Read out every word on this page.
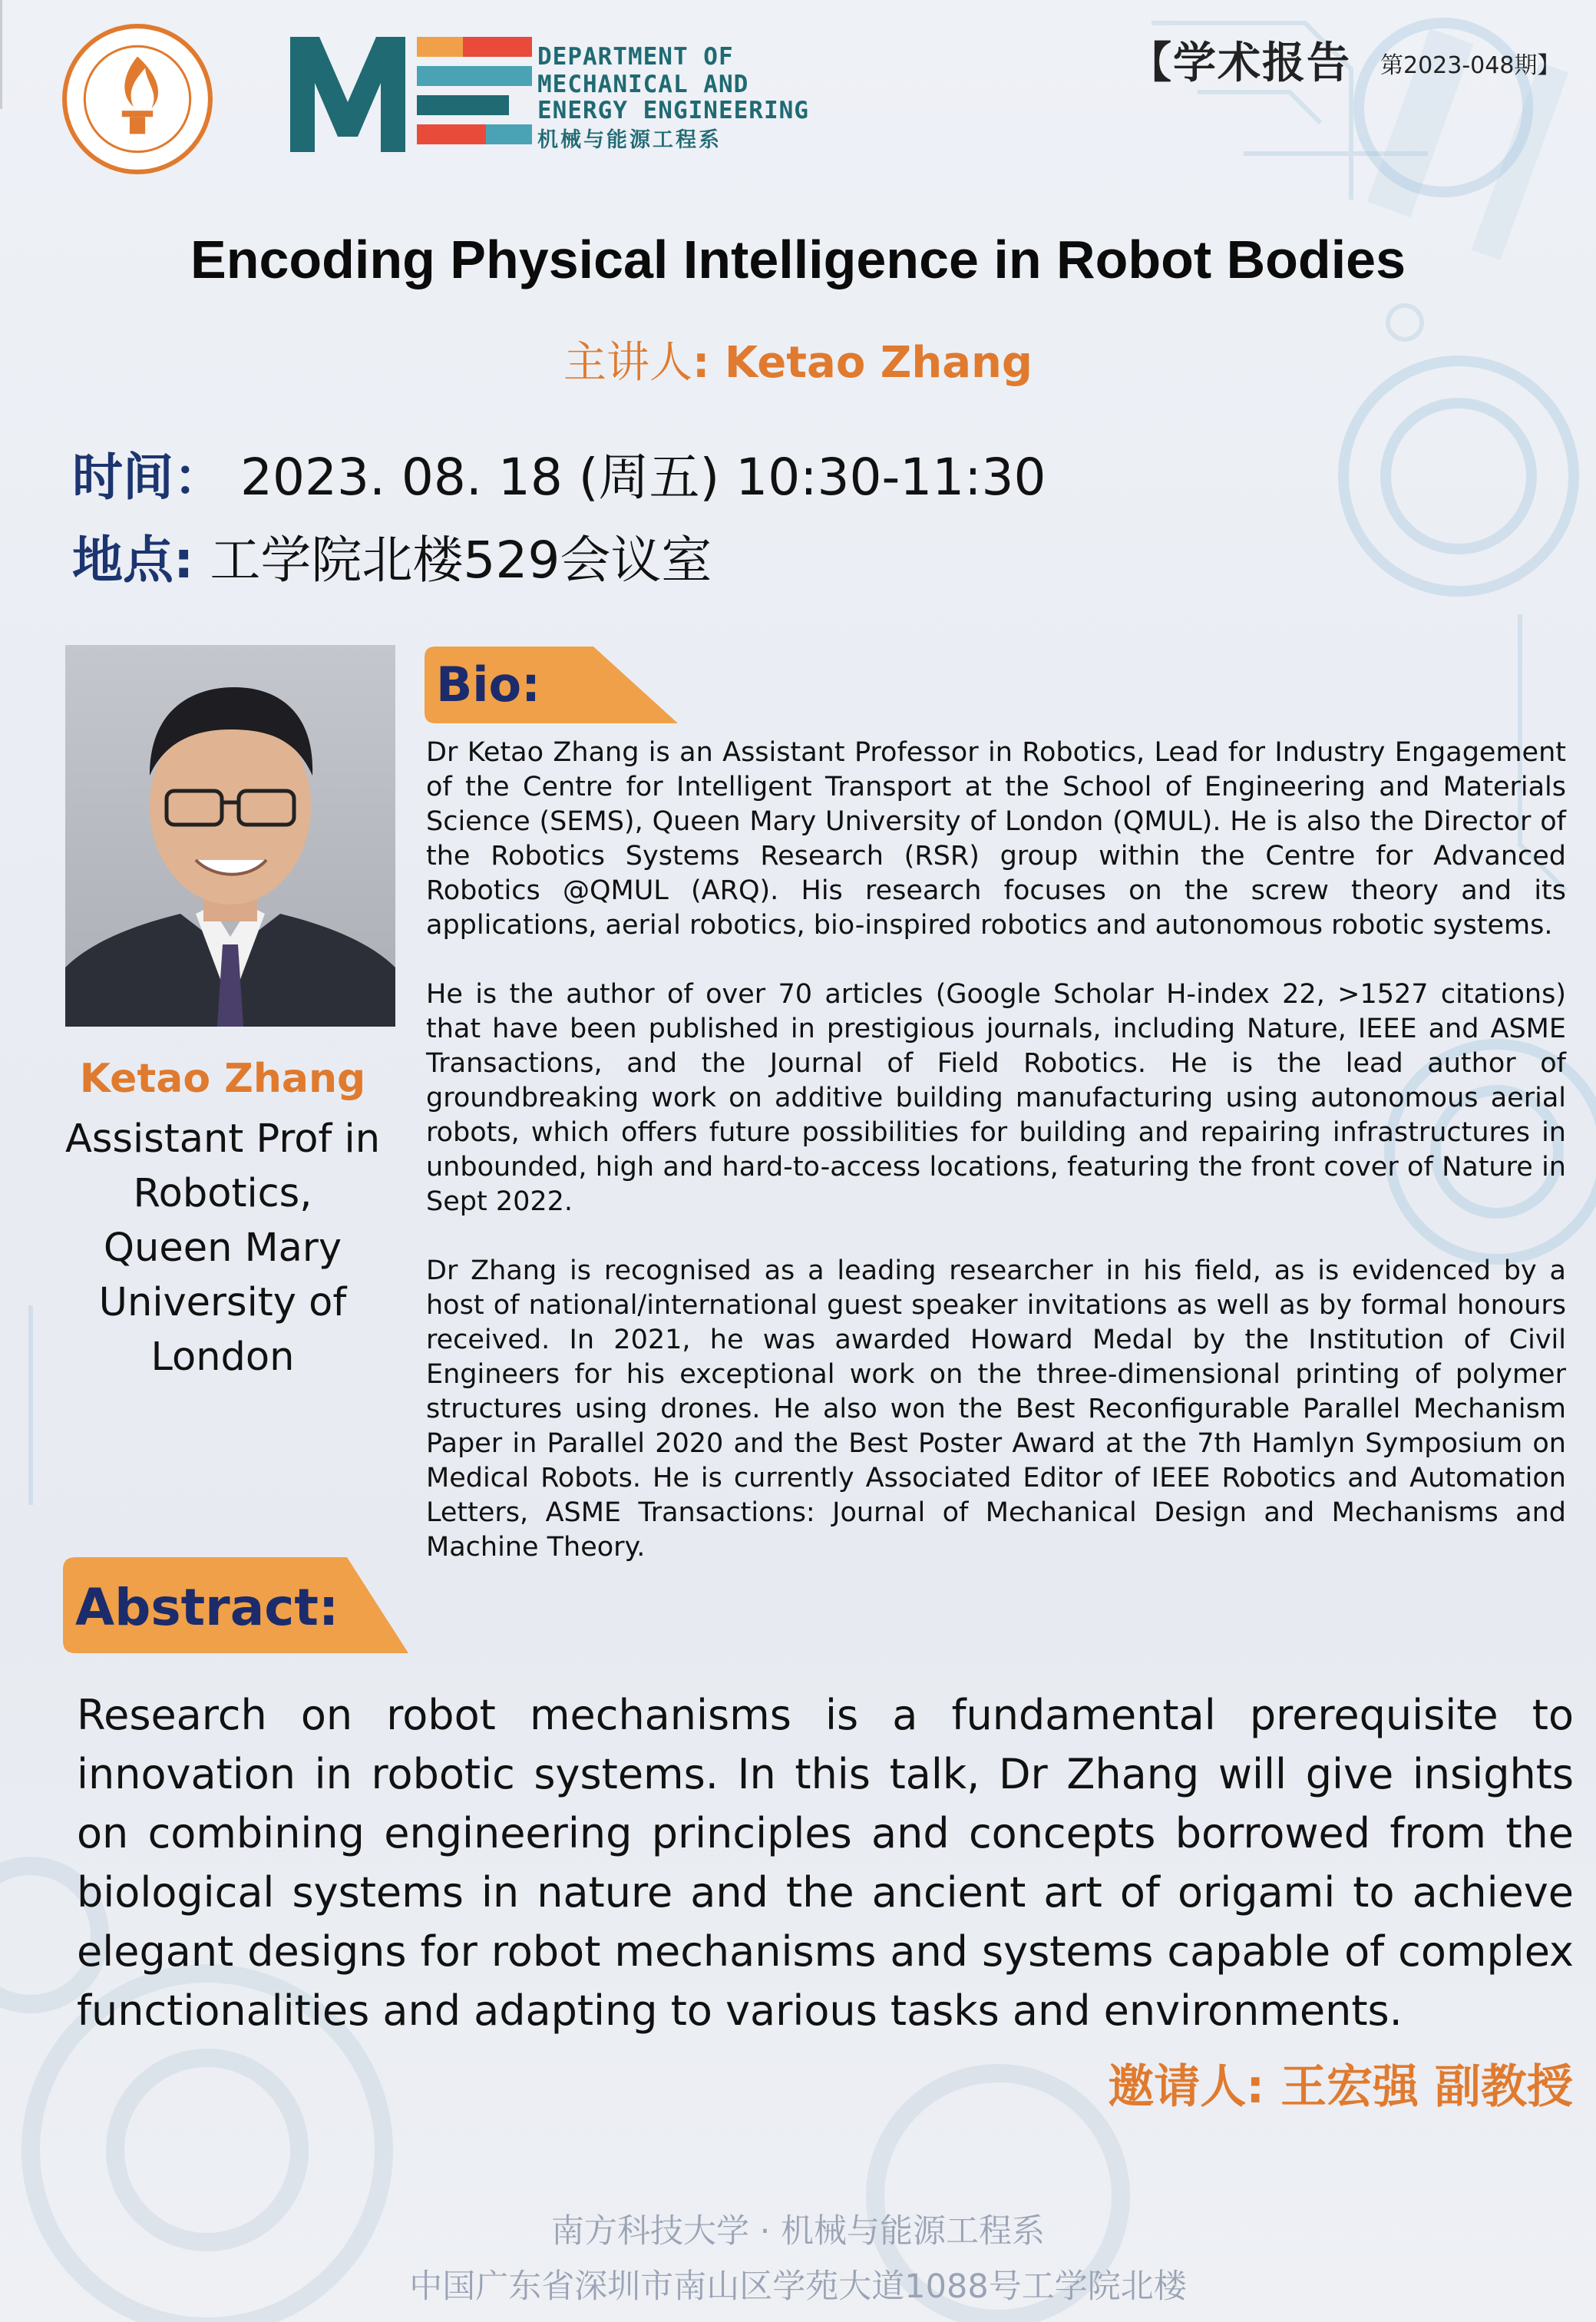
DEPARTMENT OF
MECHANICAL AND
ENERGY ENGINEERING
机械与能源工程系
【学术报告 第2023-048期】
Encoding Physical Intelligence in Robot Bodies
主讲人: Ketao Zhang
时间： 2023. 08. 18 (周五) 10:30-11:30
地点: 工学院北楼529会议室
Ketao Zhang
Assistant Prof in
Robotics,
Queen Mary
University of
London
Bio:

Dr Ketao Zhang is an Assistant Professor in Robotics, Lead for Industry Engagement of the Centre for Intelligent Transport at the School of Engineering and Materials Science (SEMS), Queen Mary University of London (QMUL). He is also the Director of the Robotics Systems Research (RSR) group within the Centre for Advanced Robotics @QMUL (ARQ). His research focuses on the screw theory and its applications, aerial robotics, bio-inspired robotics and autonomous robotic systems.

He is the author of over 70 articles (Google Scholar H-index 22, >1527 citations) that have been published in prestigious journals, including Nature, IEEE and ASME Transactions, and the Journal of Field Robotics. He is the lead author of groundbreaking work on additive building manufacturing using autonomous aerial robots, which offers future possibilities for building and repairing infrastructures in unbounded, high and hard-to-access locations, featuring the front cover of Nature in Sept 2022.

Dr Zhang is recognised as a leading researcher in his field, as is evidenced by a host of national/international guest speaker invitations as well as by formal honours received. In 2021, he was awarded Howard Medal by the Institution of Civil Engineers for his exceptional work on the three-dimensional printing of polymer structures using drones. He also won the Best Reconfigurable Parallel Mechanism Paper in Parallel 2020 and the Best Poster Award at the 7th Hamlyn Symposium on Medical Robots. He is currently Associated Editor of IEEE Robotics and Automation Letters, ASME Transactions: Journal of Mechanical Design and Mechanisms and Machine Theory.

Abstract:
Research on robot mechanisms is a fundamental prerequisite to innovation in robotic systems. In this talk, Dr Zhang will give insights on combining engineering principles and concepts borrowed from the biological systems in nature and the ancient art of origami to achieve elegant designs for robot mechanisms and systems capable of complex functionalities and adapting to various tasks and environments.
邀请人: 王宏强 副教授
南方科技大学 · 机械与能源工程系
中国广东省深圳市南山区学苑大道1088号工学院北楼
